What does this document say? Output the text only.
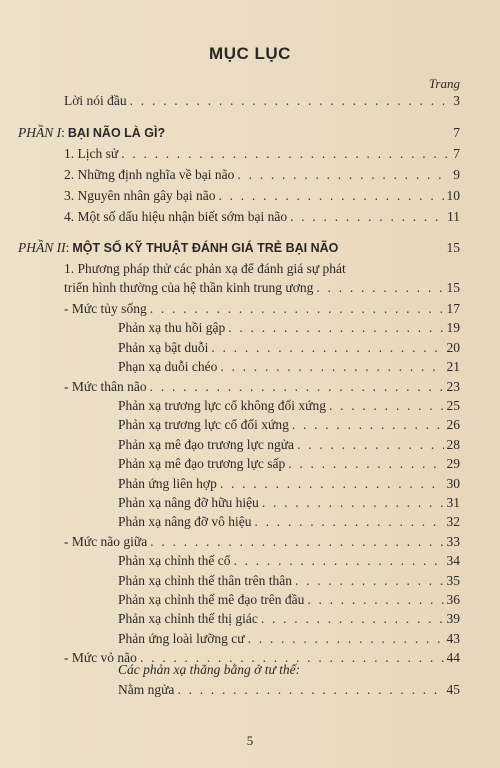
MỤC LỤC
Trang
Lời nói đầu . . .	3
PHẦN I : BẠI NÃO LÀ GÌ?	7
1. Lịch sử . . .	7
2. Những định nghĩa về bại não . . .	9
3. Nguyên nhân gây bại não . . .	10
4. Một số dấu hiệu nhận biết sớm bại não . . .	11
PHẦN II : MỘT SỐ KỸ THUẬT ĐÁNH GIÁ TRẺ BẠI NÃO	15
1. Phương pháp thử các phản xạ để đánh giá sự phát
triển hình thường của hệ thần kinh trung ương . . .	15
- Mức tủy sống . . .	17
Phản xạ thu hồi gập . . .	19
Phản xạ bật duỗi . . .	20
Phạn xạ duỗi chéo . . .	21
- Mức thân não . . .	23
Phản xạ trương lực cổ không đối xứng . . .	25
Phản xạ trương lực cổ đối xứng . . .	26
Phản xạ mê đạo trương lực ngửa . . .	28
Phản xạ mê đạo trương lực sấp . . .	29
Phản ứng liên hợp . . .	30
Phản xạ nâng đỡ hữu hiệu . . .	31
Phản xạ nâng đỡ vô hiệu . . .	32
- Mức não giữa . . .	33
Phản xạ chỉnh thế cổ . . .	34
Phản xạ chỉnh thế thân trên thân . . .	35
Phản xạ chỉnh thế mê đạo trên đầu . . .	36
Phản xạ chỉnh thế thị giác . . .	39
Phản ứng loài lưỡng cư . . .	43
- Mức vỏ não . . .	44
Các phản xạ thăng bằng ở tư thế:
Nằm ngửa . . .	45
5
